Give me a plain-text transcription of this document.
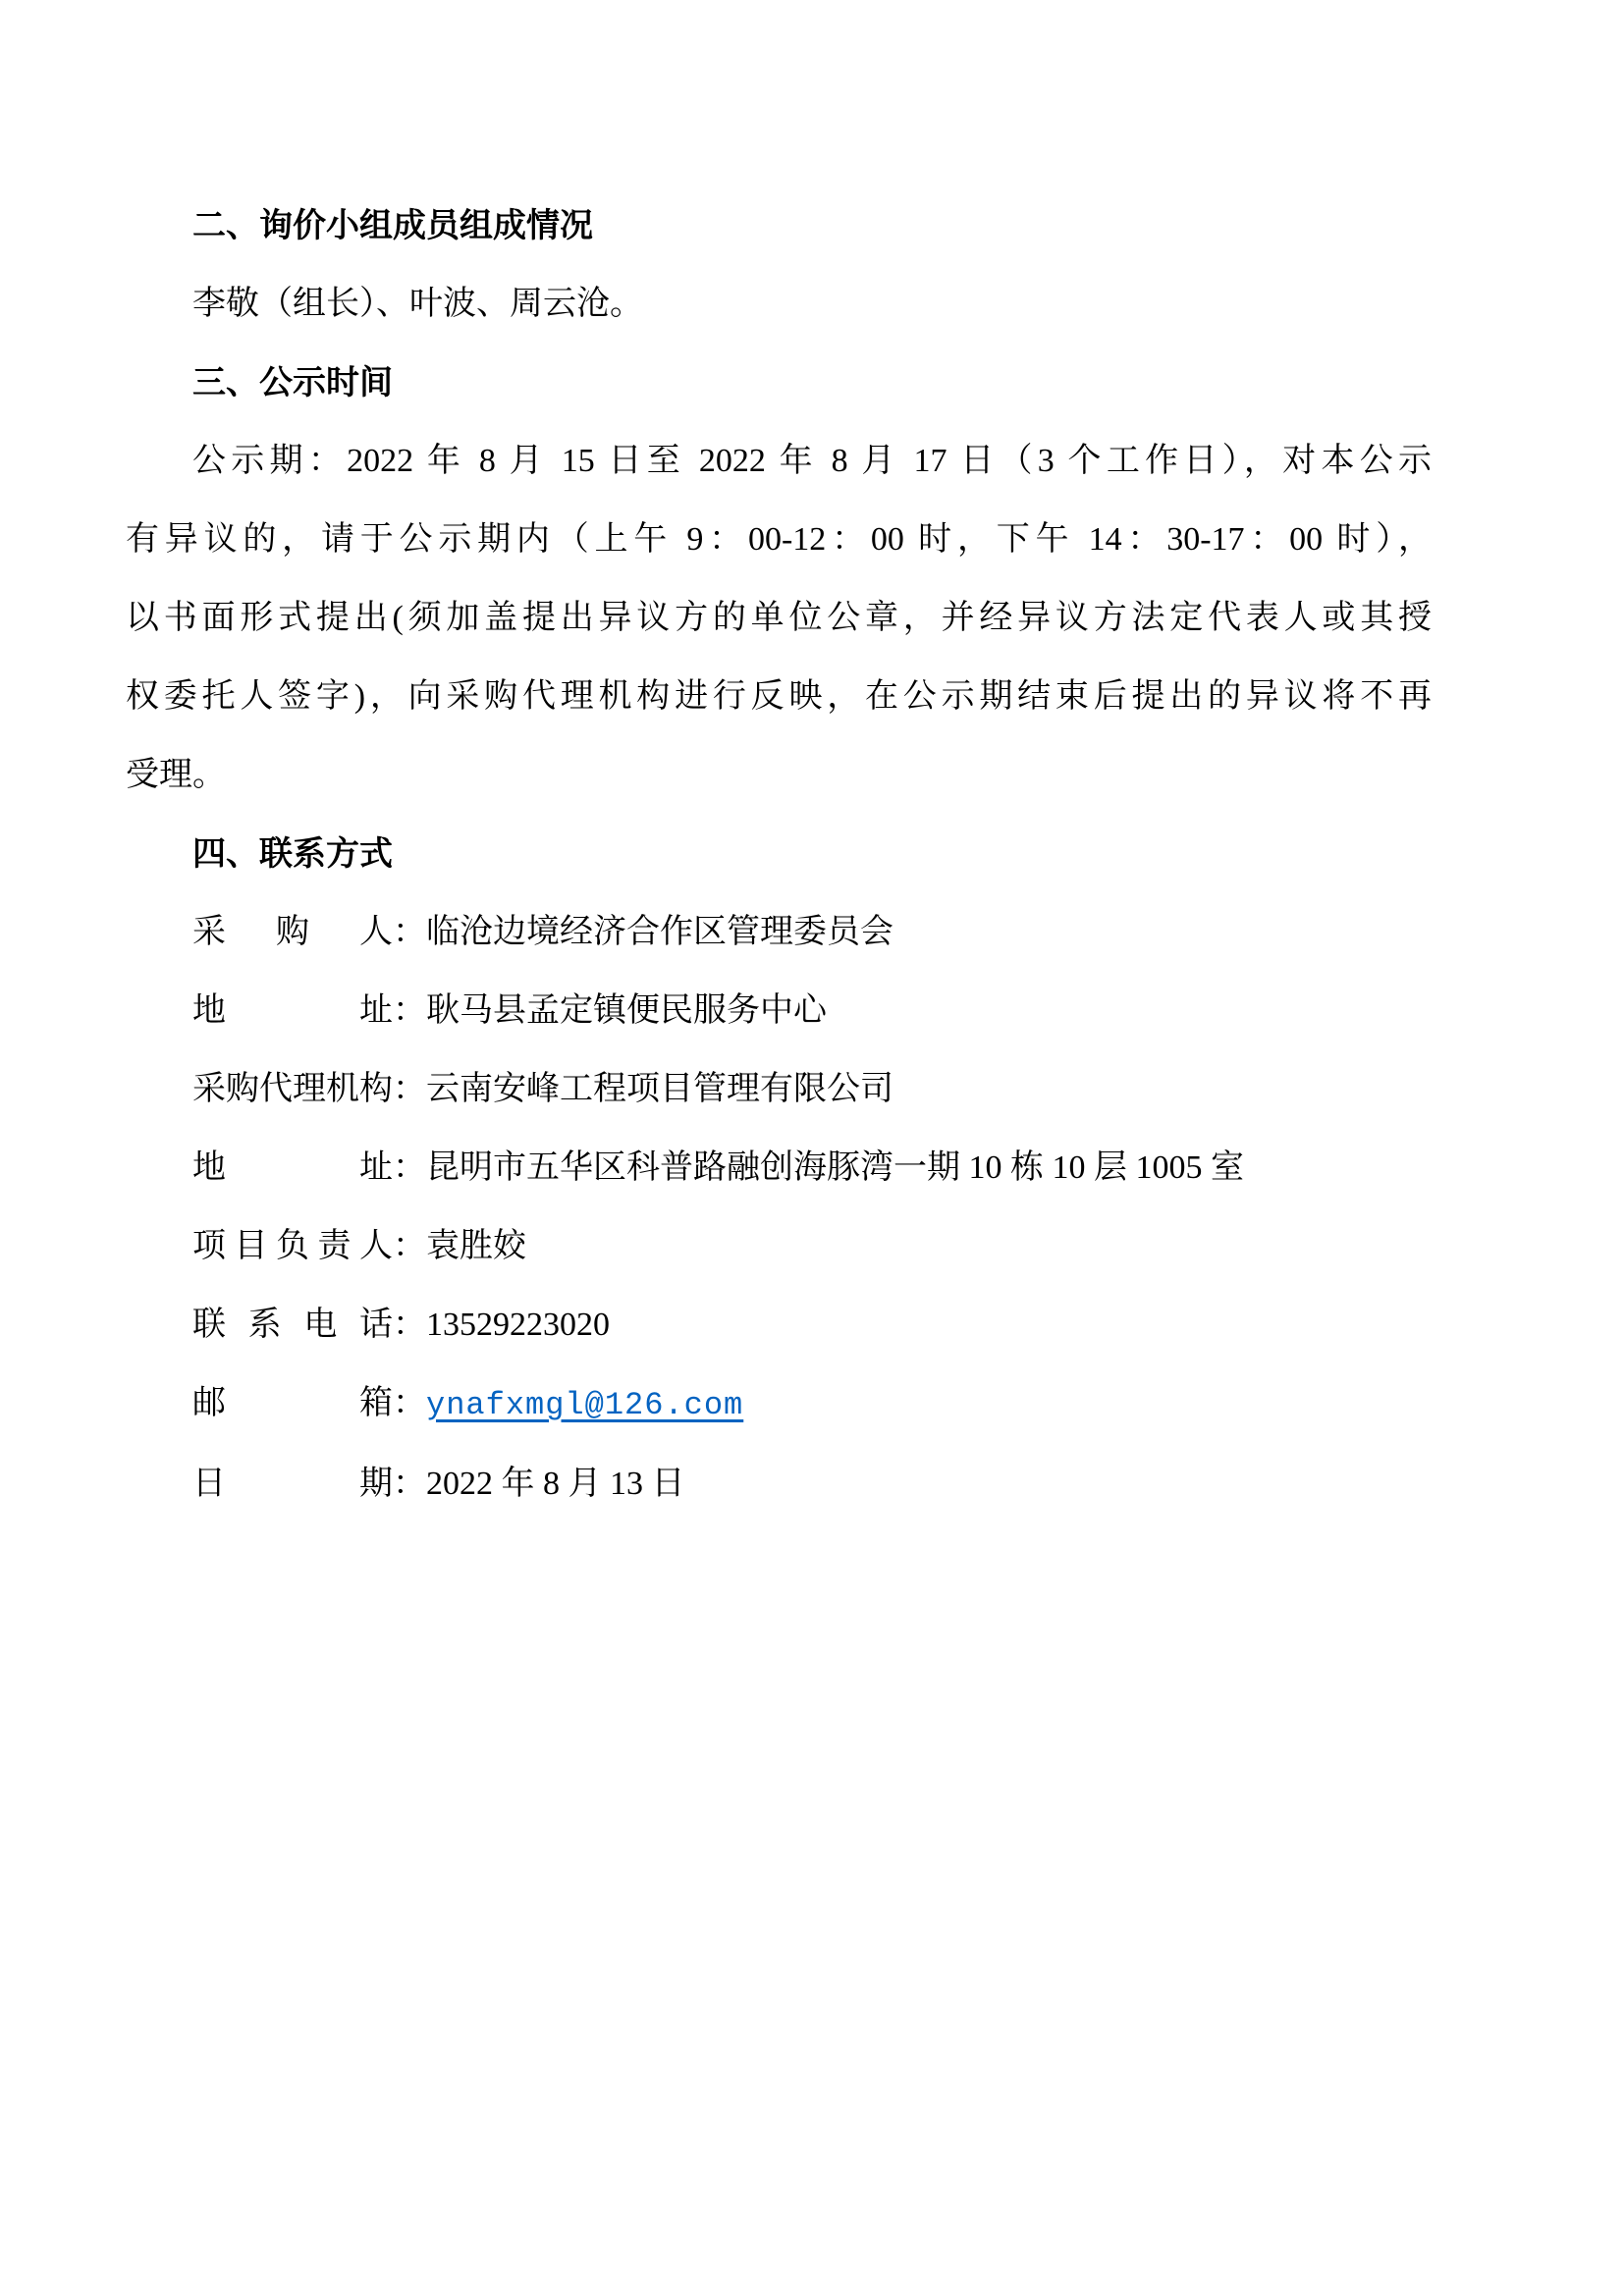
二、询价小组成员组成情况

李敬（组长）、叶波、周云沧。

三、公示时间

公示期：2022 年 8 月 15 日至 2022 年 8 月 17 日（3 个工作日），对本公示

有异议的，请于公示期内（上午 9：00-12：00 时，下午 14：30-17：00 时），

以书面形式提出(须加盖提出异议方的单位公章，并经异议方法定代表人或其授

权委托人签字)，向采购代理机构进行反映，在公示期结束后提出的异议将不再

受理。

四、联系方式

采购人：临沧边境经济合作区管理委员会

地址：耿马县孟定镇便民服务中心

采购代理机构：云南安峰工程项目管理有限公司

地址：昆明市五华区科普路融创海豚湾一期 10 栋 10 层 1005 室

项目负责人：袁胜姣

联系电话：13529223020

邮箱：ynafxmgl@126.com

日期：2022 年 8 月 13 日
